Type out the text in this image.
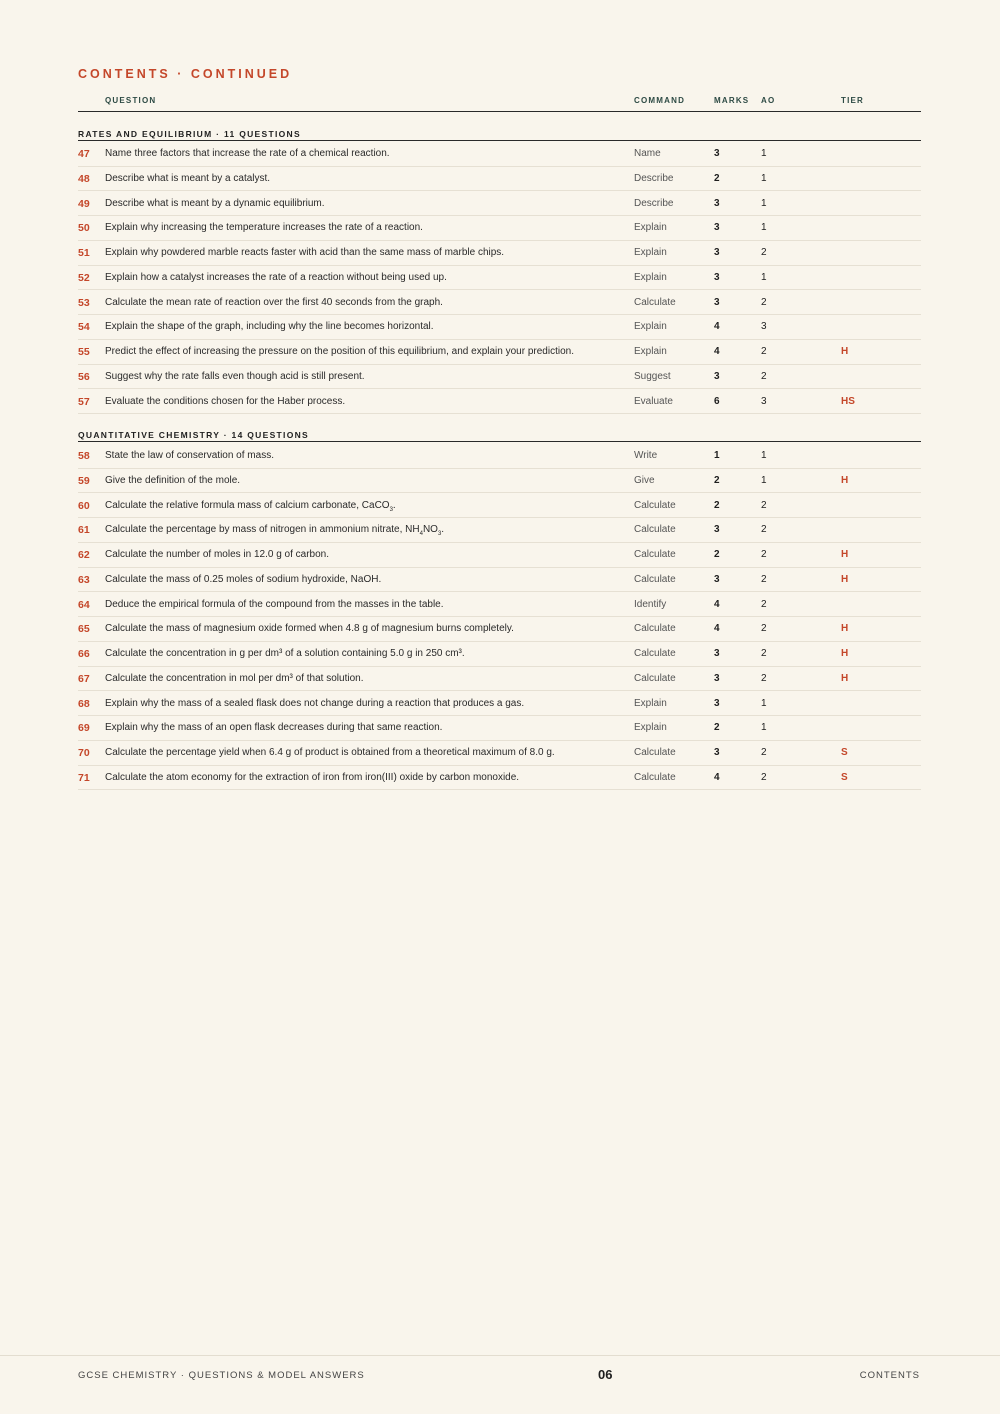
CONTENTS · CONTINUED
QUESTION	COMMAND	MARKS AO	TIER
RATES AND EQUILIBRIUM · 11 QUESTIONS
47 Name three factors that increase the rate of a chemical reaction.	Name	3	1
48 Describe what is meant by a catalyst.	Describe	2	1
49 Describe what is meant by a dynamic equilibrium.	Describe	3	1
50 Explain why increasing the temperature increases the rate of a reaction.	Explain	3	1
51 Explain why powdered marble reacts faster with acid than the same mass of marble chips.	Explain	3	2
52 Explain how a catalyst increases the rate of a reaction without being used up.	Explain	3	1
53 Calculate the mean rate of reaction over the first 40 seconds from the graph.	Calculate	3	2
54 Explain the shape of the graph, including why the line becomes horizontal.	Explain	4	3
55 Predict the effect of increasing the pressure on the position of this equilibrium, and explain your prediction.	Explain	4	2	H
56 Suggest why the rate falls even though acid is still present.	Suggest	3	2
57 Evaluate the conditions chosen for the Haber process.	Evaluate	6	3	HS
QUANTITATIVE CHEMISTRY · 14 QUESTIONS
58 State the law of conservation of mass.	Write	1	1
59 Give the definition of the mole.	Give	2	1	H
60 Calculate the relative formula mass of calcium carbonate, CaCO$_3$.	Calculate	2	2
61 Calculate the percentage by mass of nitrogen in ammonium nitrate, $NH_4NO_3$.	Calculate	3	2
62 Calculate the number of moles in 12.0 g of carbon.	Calculate	2	2	H
63 Calculate the mass of 0.25 moles of sodium hydroxide, NaOH.	Calculate	3	2	H
64 Deduce the empirical formula of the compound from the masses in the table.	Identify	4	2
65 Calculate the mass of magnesium oxide formed when 4.8 g of magnesium burns completely.	Calculate	4	2	H
66 Calculate the concentration in g per dm³ of a solution containing 5.0 g in 250 cm³.	Calculate	3	2	H
67 Calculate the concentration in mol per dm³ of that solution.	Calculate	3	2	H
68 Explain why the mass of a sealed flask does not change during a reaction that produces a gas.	Explain	3	1
69 Explain why the mass of an open flask decreases during that same reaction.	Explain	2	1
70 Calculate the percentage yield when 6.4 g of product is obtained from a theoretical maximum of 8.0 g.	Calculate	3	2	S
71 Calculate the atom economy for the extraction of iron from iron(III) oxide by carbon monoxide.	Calculate	4	2	S
GCSE CHEMISTRY · QUESTIONS & MODEL ANSWERS	06	CONTENTS
